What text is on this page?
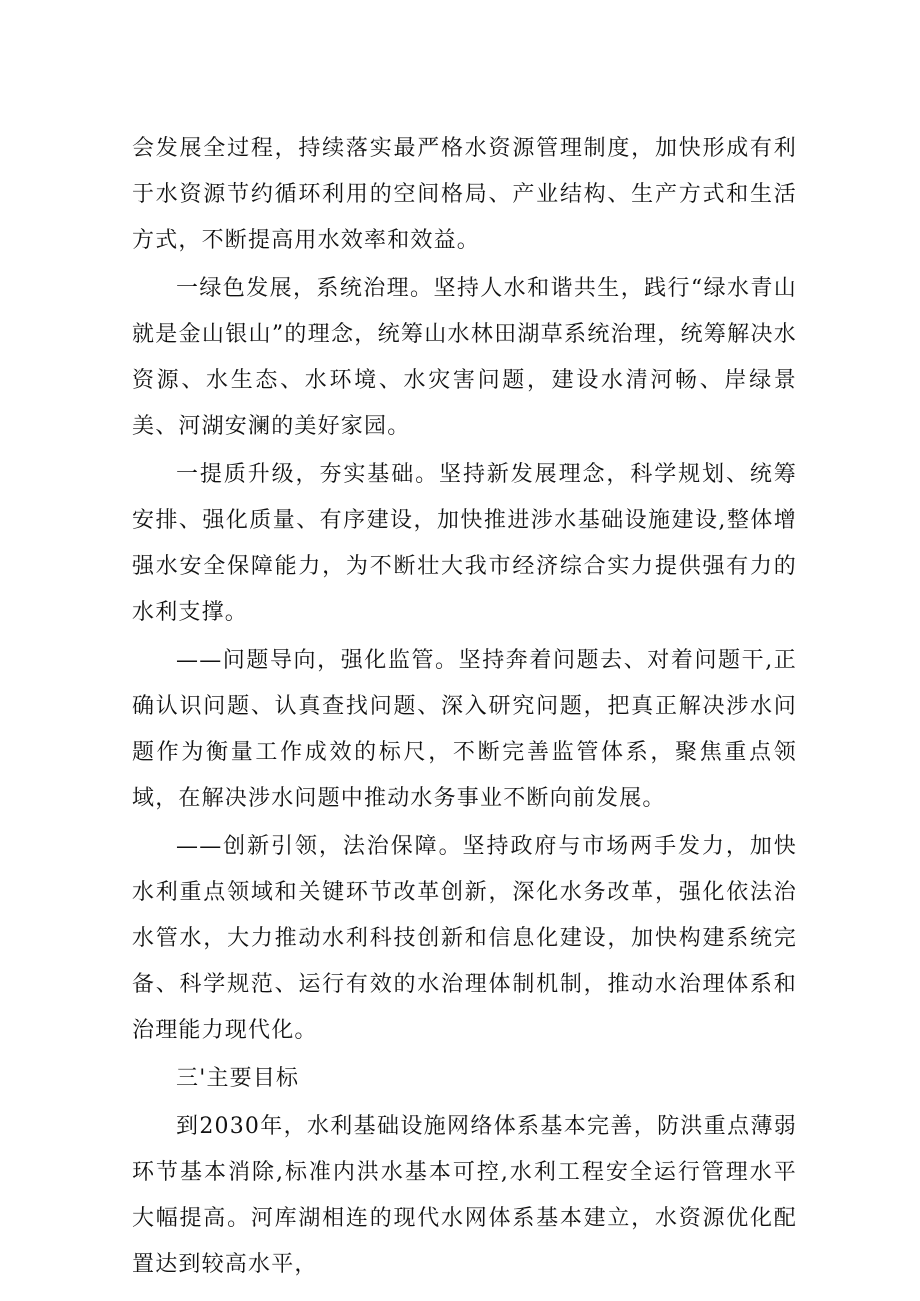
会发展全过程，持续落实最严格水资源管理制度，加快形成有利于水资源节约循环利用的空间格局、产业结构、生产方式和生活方式，不断提高用水效率和效益。

一绿色发展，系统治理。坚持人水和谐共生，践行“绿水青山就是金山银山”的理念，统筹山水林田湖草系统治理，统筹解决水资源、水生态、水环境、水灾害问题，建设水清河畅、岸绿景美、河湖安澜的美好家园。

一提质升级，夯实基础。坚持新发展理念，科学规划、统筹安排、强化质量、有序建设，加快推进涉水基础设施建设,整体增强水安全保障能力，为不断壮大我市经济综合实力提供强有力的水利支撑。

——问题导向，强化监管。坚持奔着问题去、对着问题干,正确认识问题、认真查找问题、深入研究问题，把真正解决涉水问题作为衡量工作成效的标尺，不断完善监管体系，聚焦重点领域，在解决涉水问题中推动水务事业不断向前发展。

——创新引领，法治保障。坚持政府与市场两手发力，加快水利重点领域和关键环节改革创新，深化水务改革，强化依法治水管水，大力推动水利科技创新和信息化建设，加快构建系统完备、科学规范、运行有效的水治理体制机制，推动水治理体系和治理能力现代化。

三'主要目标

到2030年，水利基础设施网络体系基本完善，防洪重点薄弱环节基本消除,标准内洪水基本可控,水利工程安全运行管理水平大幅提高。河库湖相连的现代水网体系基本建立，水资源优化配置达到较高水平，
